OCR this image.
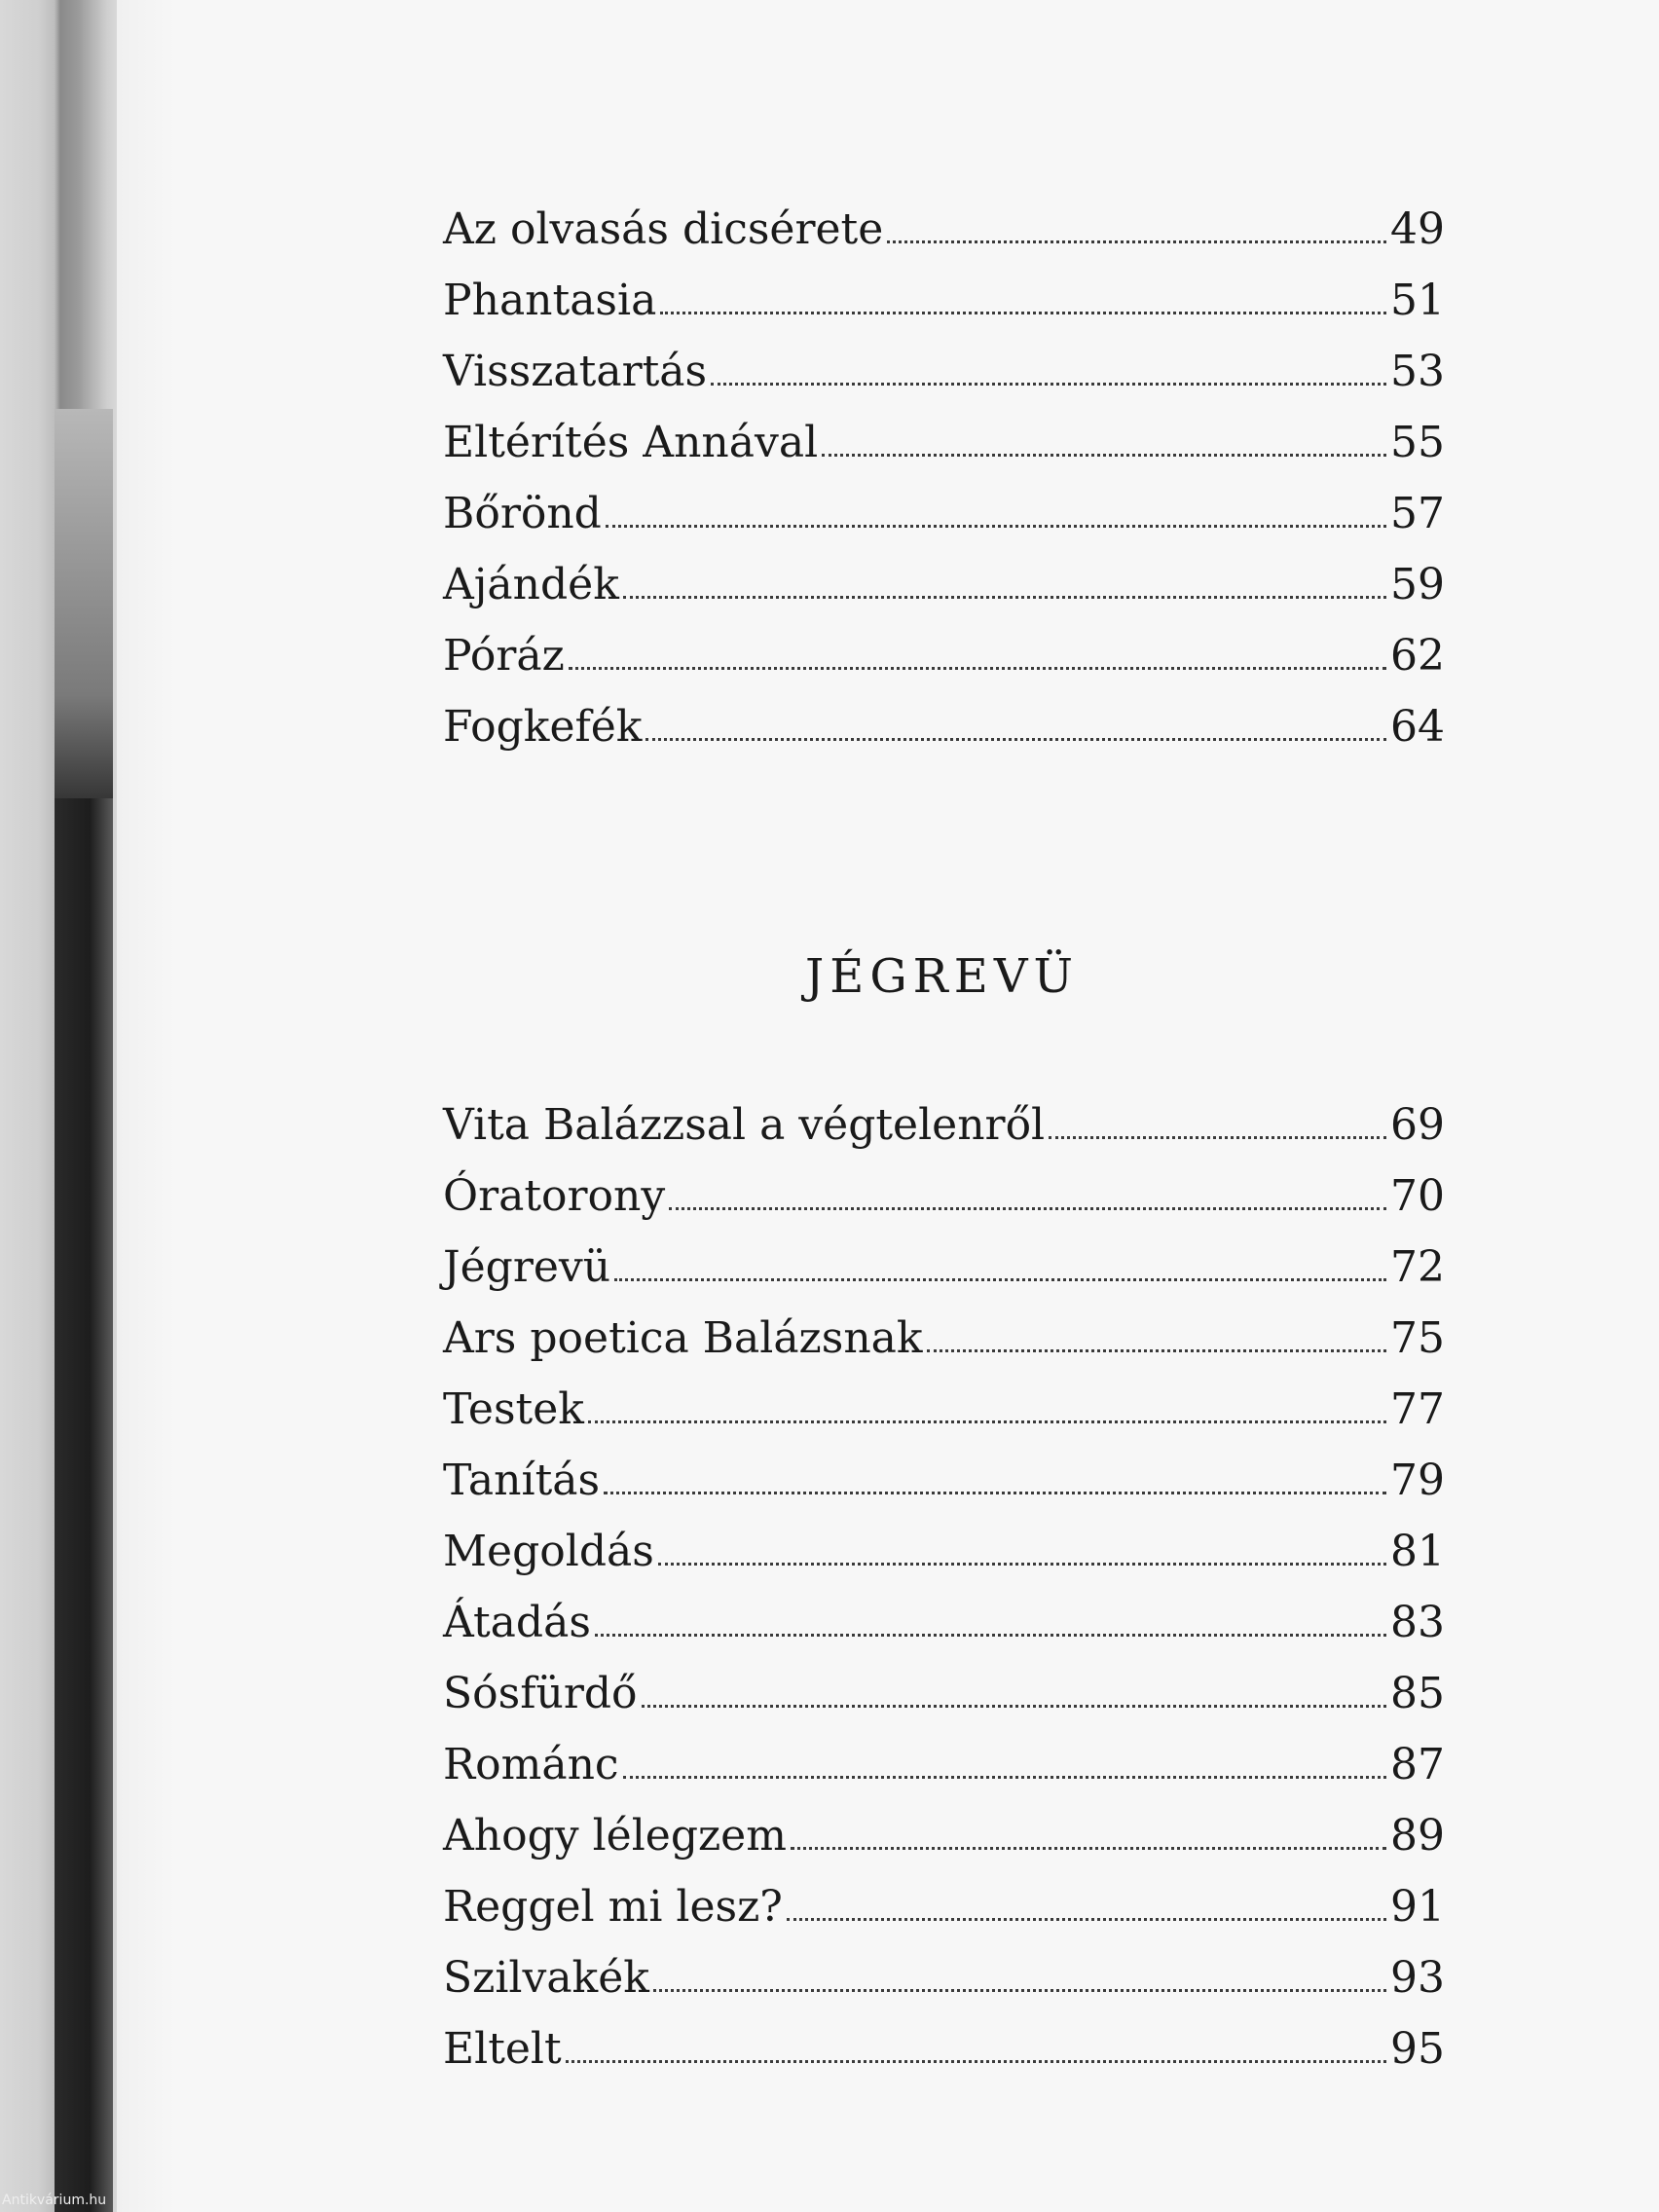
Az olvasás dicsérete	49
Phantasia	51
Visszatartás	53
Eltérítés Annával	55
Bőrönd	57
Ajándék	59
Póráz	62
Fogkefék	64
JÉGREVÜ
Vita Balázzsal a végtelenről	69
Óratorony	70
Jégrevü	72
Ars poetica Balázsnak	75
Testek	77
Tanítás	79
Megoldás	81
Átadás	83
Sósfürdő	85
Románc	87
Ahogy lélegzem	89
Reggel mi lesz?	91
Szilvakék	93
Eltelt	95
Antikvárium.hu
